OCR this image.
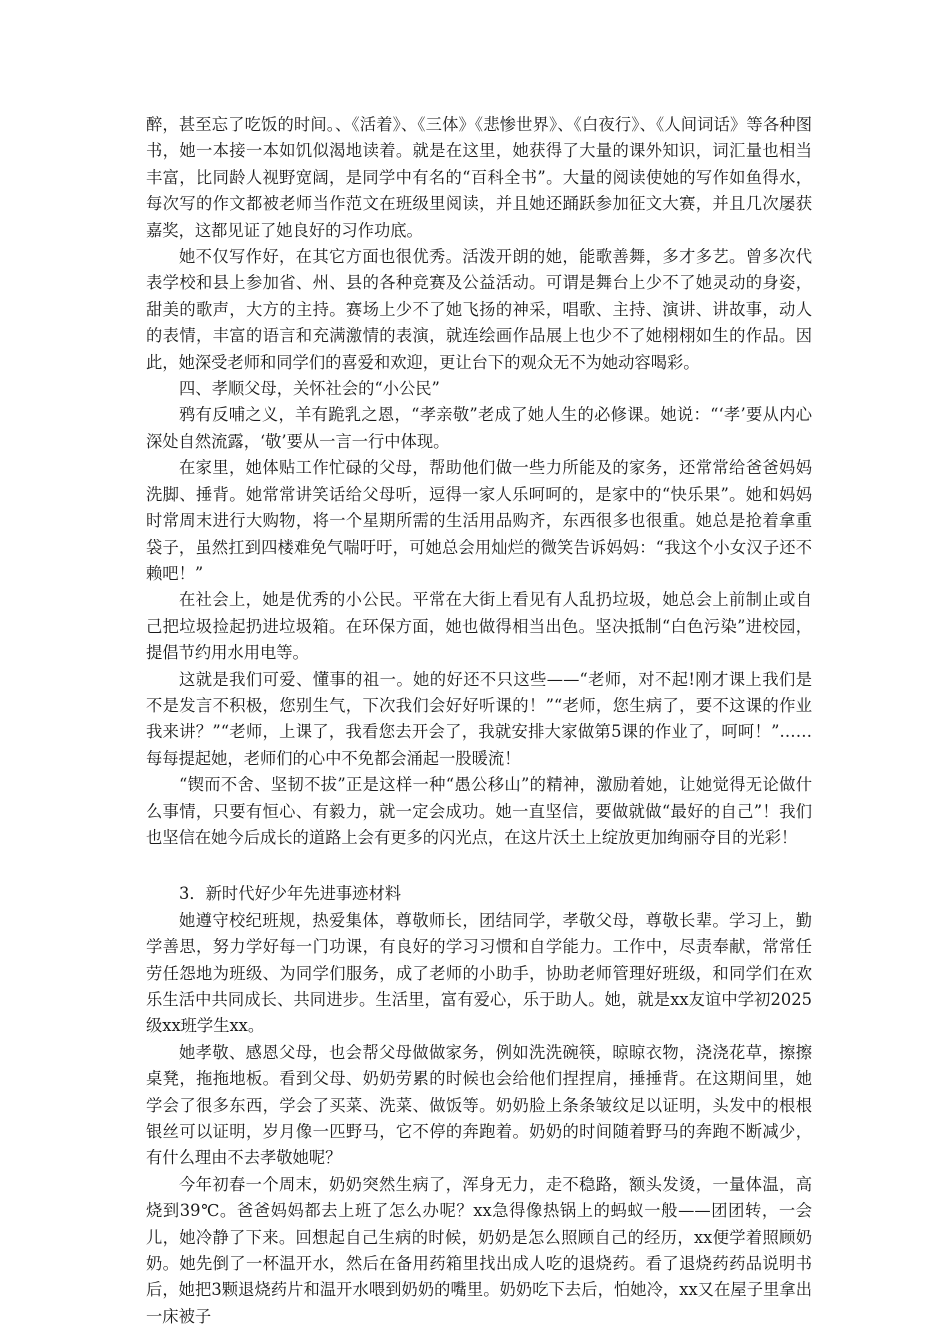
醉，甚至忘了吃饭的时间。、《活着》、《三体》《悲惨世界》、《白夜行》、《人间词话》等各种图书，她一本接一本如饥似渴地读着。就是在这里，她获得了大量的课外知识，词汇量也相当丰富，比同龄人视野宽阔，是同学中有名的“百科全书”。大量的阅读使她的写作如鱼得水，每次写的作文都被老师当作范文在班级里阅读，并且她还踊跃参加征文大赛，并且几次屡获嘉奖，这都见证了她良好的习作功底。

她不仅写作好，在其它方面也很优秀。活泼开朗的她，能歌善舞，多才多艺。曾多次代表学校和县上参加省、州、县的各种竞赛及公益活动。可谓是舞台上少不了她灵动的身姿，甜美的歌声，大方的主持。赛场上少不了她飞扬的神采，唱歌、主持、演讲、讲故事，动人的表情，丰富的语言和充满激情的表演，就连绘画作品展上也少不了她栩栩如生的作品。因此，她深受老师和同学们的喜爱和欢迎，更让台下的观众无不为她动容喝彩。

四、孝顺父母，关怀社会的“小公民”

鸦有反哺之义，羊有跪乳之恩，“孝亲敬”老成了她人生的必修课。她说：“‘孝’要从内心深处自然流露，‘敬’要从一言一行中体现。

在家里，她体贴工作忙碌的父母，帮助他们做一些力所能及的家务，还常常给爸爸妈妈洗脚、捶背。她常常讲笑话给父母听，逗得一家人乐呵呵的，是家中的“快乐果”。她和妈妈时常周末进行大购物，将一个星期所需的生活用品购齐，东西很多也很重。她总是抢着拿重袋子，虽然扛到四楼难免气喘吁吁，可她总会用灿烂的微笑告诉妈妈：“我这个小女汉子还不赖吧！”

在社会上，她是优秀的小公民。平常在大街上看见有人乱扔垃圾，她总会上前制止或自己把垃圾捡起扔进垃圾箱。在环保方面，她也做得相当出色。坚决抵制“白色污染”进校园，提倡节约用水用电等。

这就是我们可爱、懂事的祖一。她的好还不只这些——“老师，对不起!刚才课上我们是不是发言不积极，您别生气，下次我们会好好听课的！”“老师，您生病了，要不这课的作业我来讲？”“老师，上课了，我看您去开会了，我就安排大家做第5课的作业了，呵呵！”……每每提起她，老师们的心中不免都会涌起一股暖流！

“锲而不舍、坚韧不拔”正是这样一种“愚公移山”的精神，激励着她，让她觉得无论做什么事情，只要有恒心、有毅力，就一定会成功。她一直坚信，要做就做“最好的自己”！我们也坚信在她今后成长的道路上会有更多的闪光点，在这片沃土上绽放更加绚丽夺目的光彩！

3．新时代好少年先进事迹材料

她遵守校纪班规，热爱集体，尊敬师长，团结同学，孝敬父母，尊敬长辈。学习上，勤学善思，努力学好每一门功课，有良好的学习习惯和自学能力。工作中，尽责奉献，常常任劳任怨地为班级、为同学们服务，成了老师的小助手，协助老师管理好班级，和同学们在欢乐生活中共同成长、共同进步。生活里，富有爱心，乐于助人。她，就是xx友谊中学初2025级xx班学生xx。

她孝敬、感恩父母，也会帮父母做做家务，例如洗洗碗筷，晾晾衣物，浇浇花草，擦擦桌凳，拖拖地板。看到父母、奶奶劳累的时候也会给他们捏捏肩，捶捶背。在这期间里，她学会了很多东西，学会了买菜、洗菜、做饭等。奶奶脸上条条皱纹足以证明，头发中的根根银丝可以证明，岁月像一匹野马，它不停的奔跑着。奶奶的时间随着野马的奔跑不断减少，有什么理由不去孝敬她呢？

今年初春一个周末，奶奶突然生病了，浑身无力，走不稳路，额头发烫，一量体温，高烧到39℃。爸爸妈妈都去上班了怎么办呢？xx急得像热锅上的蚂蚁一般——团团转，一会儿，她冷静了下来。回想起自己生病的时候，奶奶是怎么照顾自己的经历，xx便学着照顾奶奶。她先倒了一杯温开水，然后在备用药箱里找出成人吃的退烧药。看了退烧药药品说明书后，她把3颗退烧药片和温开水喂到奶奶的嘴里。奶奶吃下去后，怕她冷，xx又在屋子里拿出一床被子
